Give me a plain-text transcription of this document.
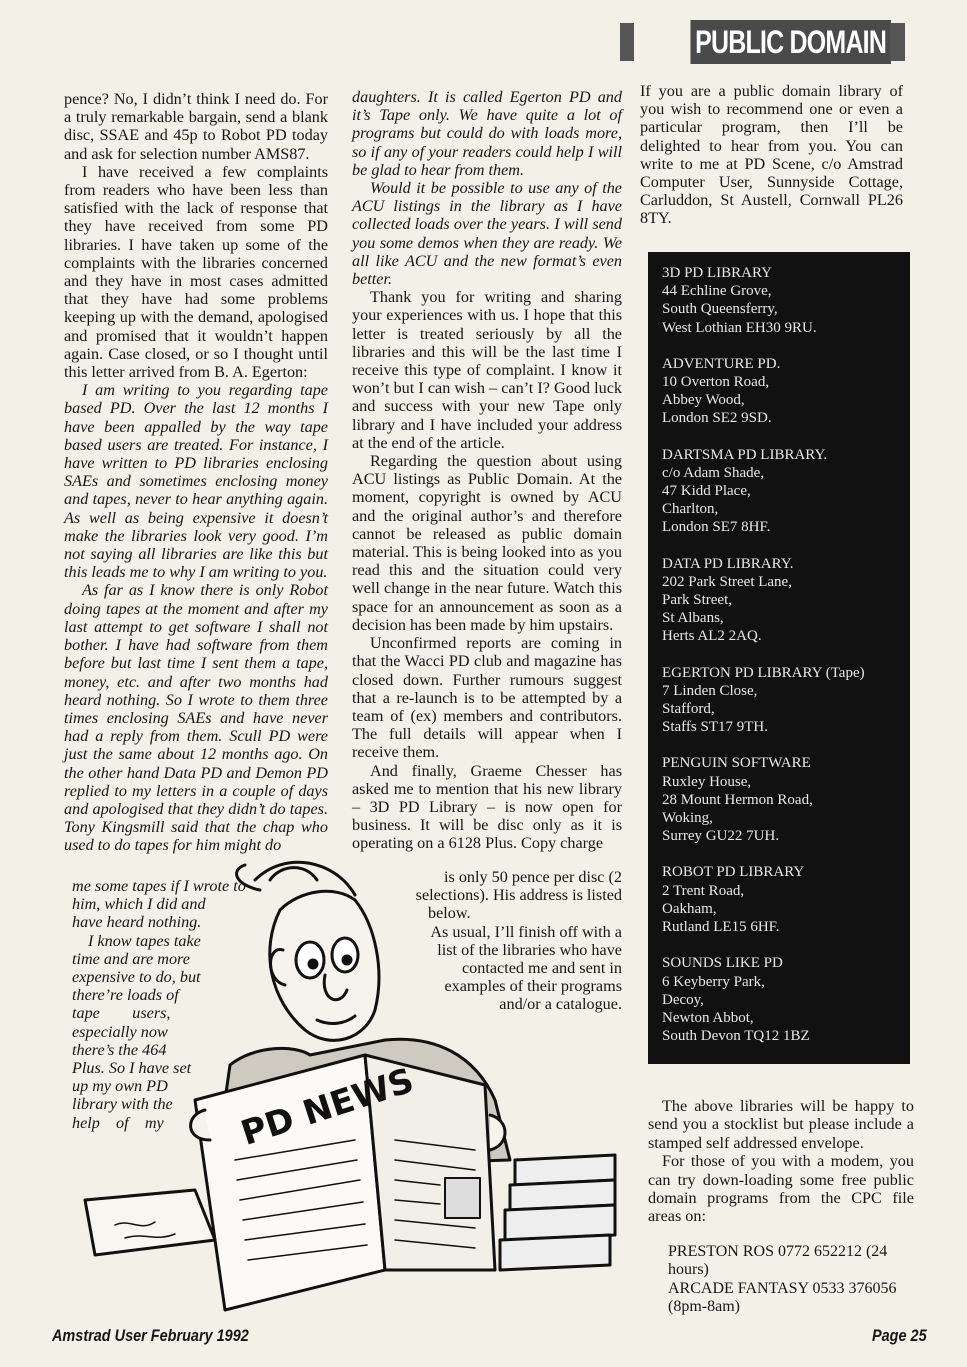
PUBLIC DOMAIN

pence? No, I didn’t think I need do. For a truly remarkable bargain, send a blank disc, SSAE and 45p to Robot PD today and ask for selection number AMS87.

I have received a few complaints from readers who have been less than satisfied with the lack of response that they have received from some PD libraries. I have taken up some of the complaints with the libraries concerned and they have in most cases admitted that they have had some problems keeping up with the demand, apologised and promised that it wouldn’t happen again. Case closed, or so I thought until this letter arrived from B. A. Egerton:

I am writing to you regarding tape based PD. Over the last 12 months I have been appalled by the way tape based users are treated. For instance, I have written to PD libraries enclosing SAEs and sometimes enclosing money and tapes, never to hear anything again. As well as being expensive it doesn’t make the libraries look very good. I’m not saying all libraries are like this but this leads me to why I am writing to you.

As far as I know there is only Robot doing tapes at the moment and after my last attempt to get software I shall not bother. I have had software from them before but last time I sent them a tape, money, etc. and after two months had heard nothing. So I wrote to them three times enclosing SAEs and have never had a reply from them. Scull PD were just the same about 12 months ago. On the other hand Data PD and Demon PD replied to my letters in a couple of days and apologised that they didn’t do tapes. Tony Kingsmill said that the chap who used to do tapes for him might do

me some tapes if I wrote to
him, which I did and
have heard nothing.
I know tapes take
time and are more
expensive to do, but
there’re loads of
tape        users,
especially now
there’s the 464
Plus. So I have set
up my own PD
library with the
help    of    my

daughters. It is called Egerton PD and it’s Tape only. We have quite a lot of programs but could do with loads more, so if any of your readers could help I will be glad to hear from them.

Would it be possible to use any of the ACU listings in the library as I have collected loads over the years. I will send you some demos when they are ready. We all like ACU and the new format’s even better.

Thank you for writing and sharing your experiences with us. I hope that this letter is treated seriously by all the libraries and this will be the last time I receive this type of complaint. I know it won’t but I can wish – can’t I? Good luck and success with your new Tape only library and I have included your address at the end of the article.

Regarding the question about using ACU listings as Public Domain. At the moment, copyright is owned by ACU and the original author’s and therefore cannot be released as public domain material. This is being looked into as you read this and the situation could very well change in the near future. Watch this space for an announcement as soon as a decision has been made by him upstairs.

Unconfirmed reports are coming in that the Wacci PD club and magazine has closed down. Further rumours suggest that a re-launch is to be attempted by a team of (ex) members and contributors. The full details will appear when I receive them.

And finally, Graeme Chesser has asked me to mention that his new library – 3D PD Library – is now open for business. It will be disc only as it is operating on a 6128 Plus. Copy charge

is only 50 pence per disc (2
selections). His address is listed
below.
As usual, I’ll finish off with a
list of the libraries who have
contacted me and sent in
examples of their programs
and/or a catalogue.

If you are a public domain library of you wish to recommend one or even a particular program, then I’ll be delighted to hear from you. You can write to me at PD Scene, c/o Amstrad Computer User, Sunnyside Cottage, Carluddon, St Austell, Cornwall PL26 8TY.

3D PD LIBRARY
44 Echline Grove,
South Queensferry,
West Lothian EH30 9RU.
ADVENTURE PD.
10 Overton Road,
Abbey Wood,
London SE2 9SD.
DARTSMA PD LIBRARY.
c/o Adam Shade,
47 Kidd Place,
Charlton,
London SE7 8HF.
DATA PD LIBRARY.
202 Park Street Lane,
Park Street,
St Albans,
Herts AL2 2AQ.
EGERTON PD LIBRARY (Tape)
7 Linden Close,
Stafford,
Staffs ST17 9TH.
PENGUIN SOFTWARE
Ruxley House,
28 Mount Hermon Road,
Woking,
Surrey GU22 7UH.
ROBOT PD LIBRARY
2 Trent Road,
Oakham,
Rutland LE15 6HF.
SOUNDS LIKE PD
6 Keyberry Park,
Decoy,
Newton Abbot,
South Devon TQ12 1BZ

The above libraries will be happy to send you a stocklist but please include a stamped self addressed envelope.

For those of you with a modem, you can try down-loading some free public domain programs from the CPC file areas on:

PRESTON ROS 0772 652212 (24 hours)
ARCADE FANTASY 0533 376056 (8pm-8am)
PD NEWS
Amstrad User February 1992	Page 25
